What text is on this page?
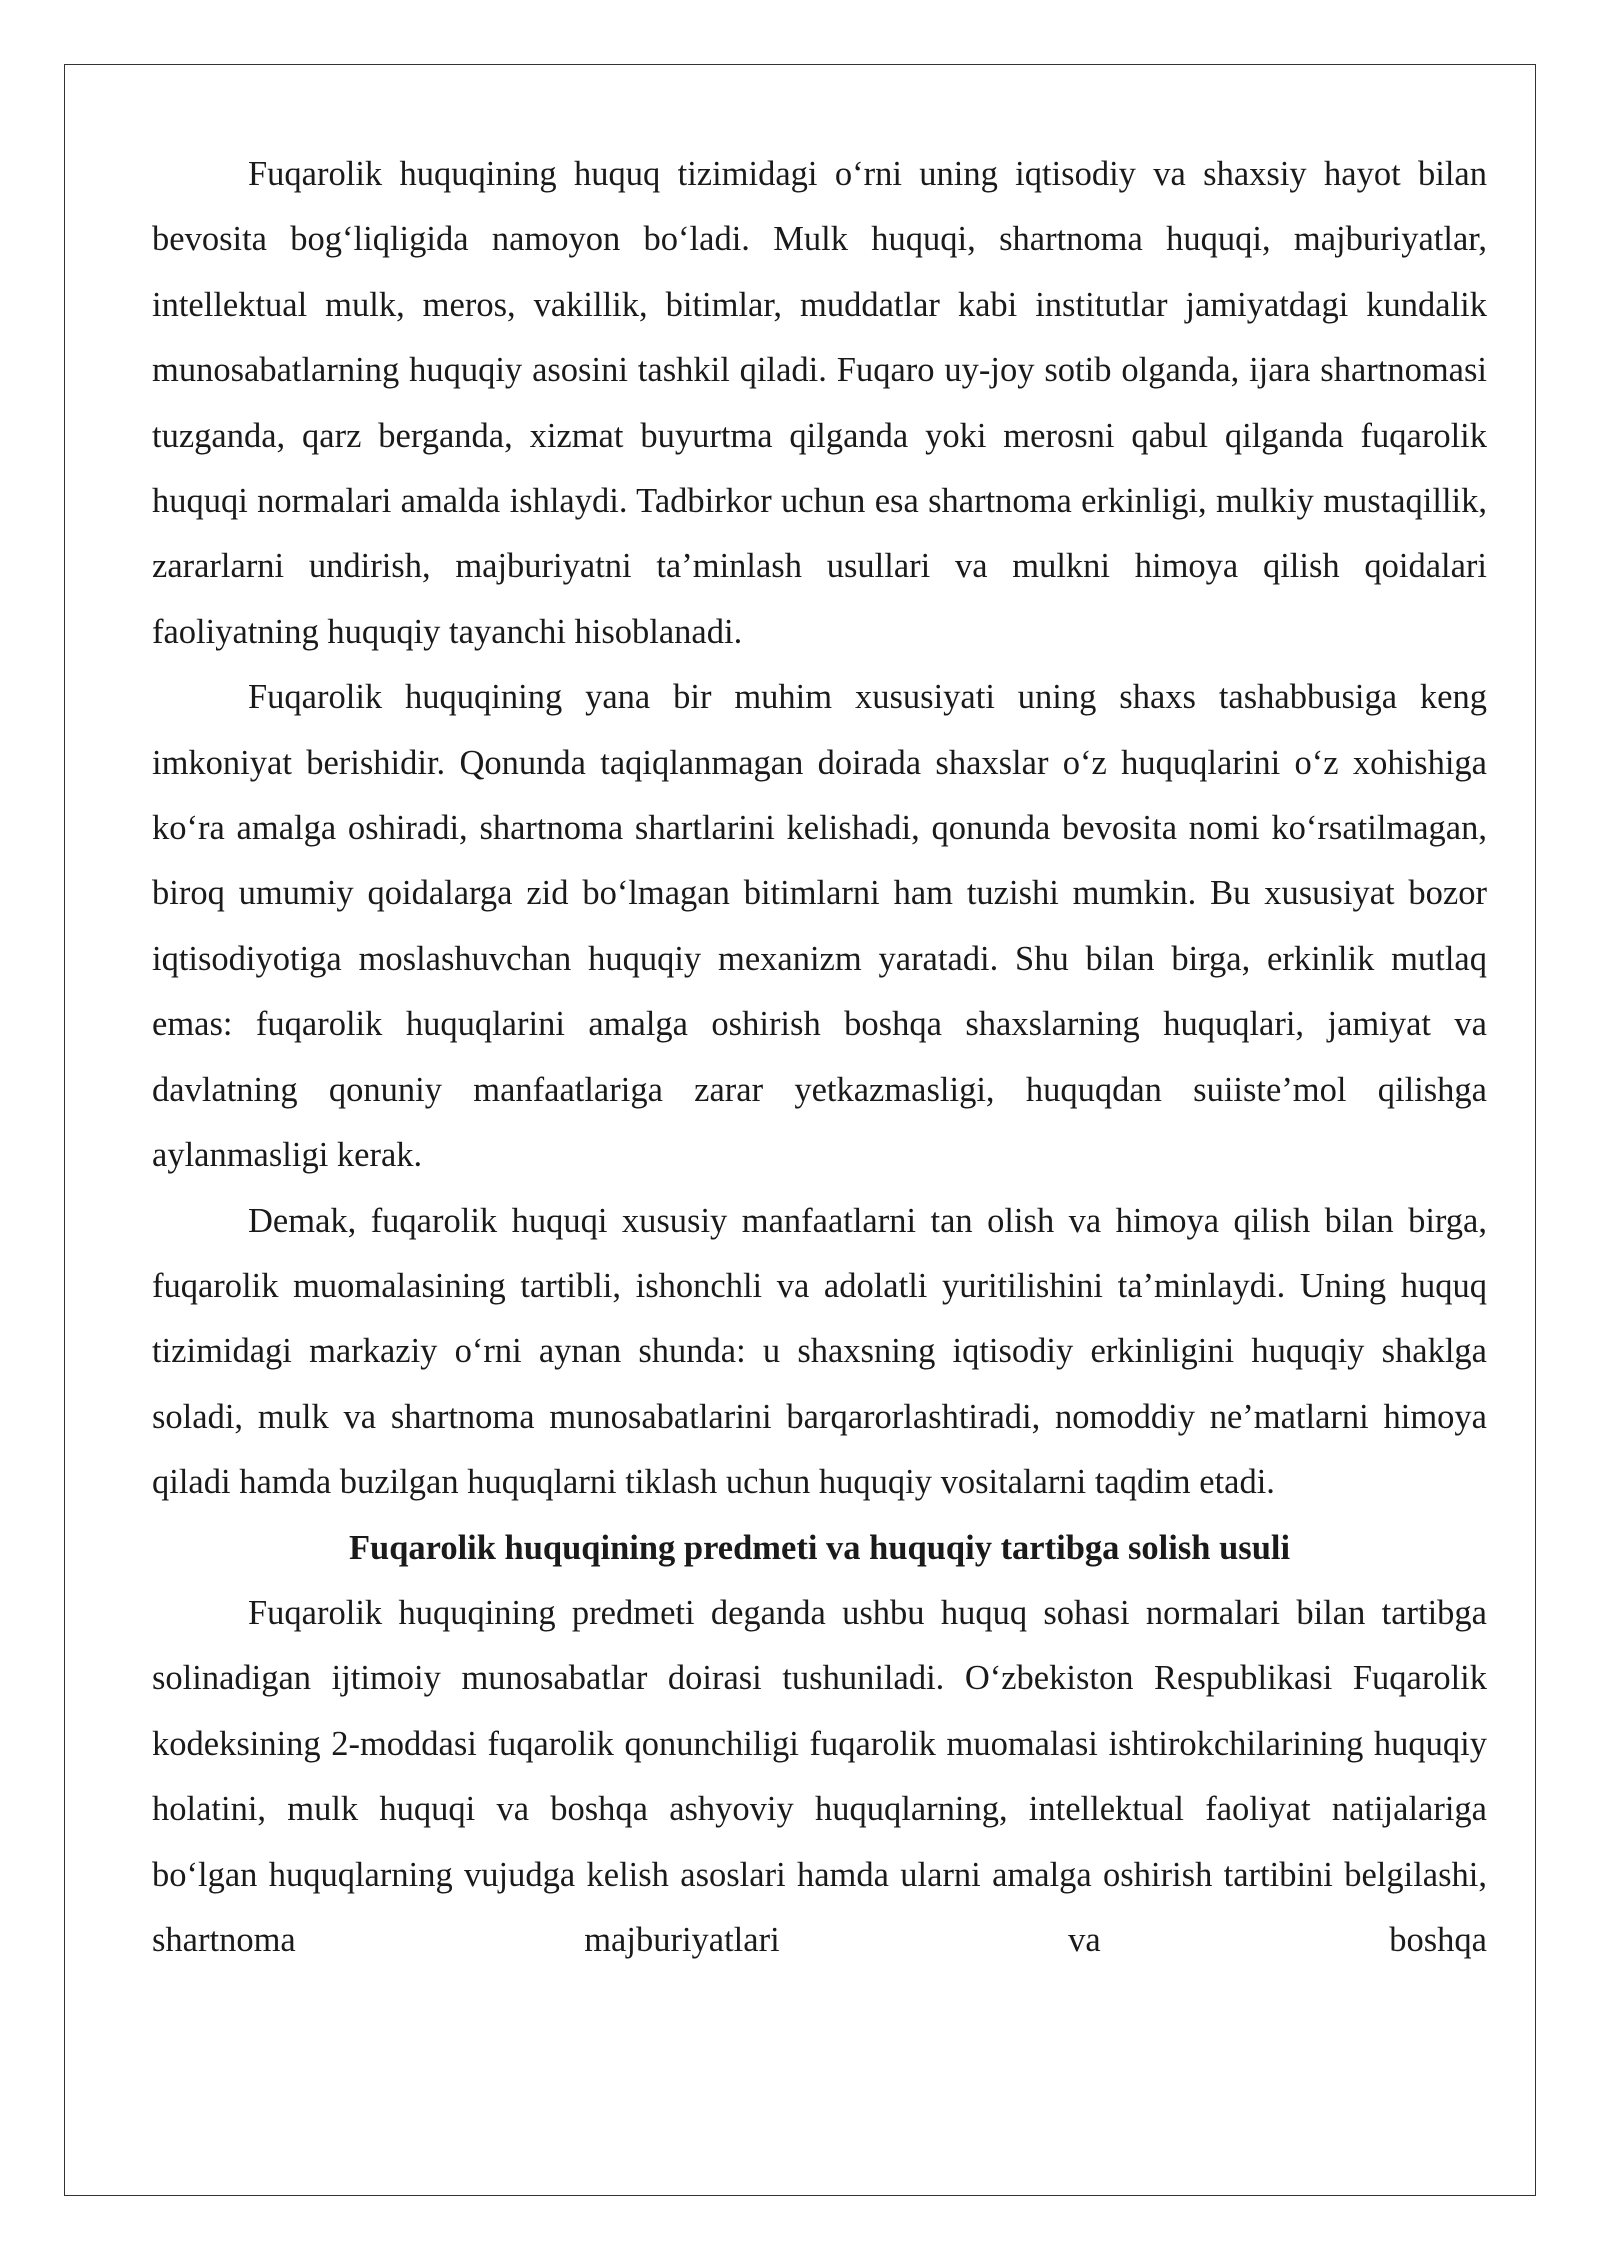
Fuqarolik huquqining huquq tizimidagi o‘rni uning iqtisodiy va shaxsiy hayot bilan bevosita bog‘liqligida namoyon bo‘ladi. Mulk huquqi, shartnoma huquqi, majburiyatlar, intellektual mulk, meros, vakillik, bitimlar, muddatlar kabi institutlar jamiyatdagi kundalik munosabatlarning huquqiy asosini tashkil qiladi. Fuqaro uy-joy sotib olganda, ijara shartnomasi tuzganda, qarz berganda, xizmat buyurtma qilganda yoki merosni qabul qilganda fuqarolik huquqi normalari amalda ishlaydi. Tadbirkor uchun esa shartnoma erkinligi, mulkiy mustaqillik, zararlarni undirish, majburiyatni ta’minlash usullari va mulkni himoya qilish qoidalari faoliyatning huquqiy tayanchi hisoblanadi.

Fuqarolik huquqining yana bir muhim xususiyati uning shaxs tashabbusiga keng imkoniyat berishidir. Qonunda taqiqlanmagan doirada shaxslar o‘z huquqlarini o‘z xohishiga ko‘ra amalga oshiradi, shartnoma shartlarini kelishadi, qonunda bevosita nomi ko‘rsatilmagan, biroq umumiy qoidalarga zid bo‘lmagan bitimlarni ham tuzishi mumkin. Bu xususiyat bozor iqtisodiyotiga moslashuvchan huquqiy mexanizm yaratadi. Shu bilan birga, erkinlik mutlaq emas: fuqarolik huquqlarini amalga oshirish boshqa shaxslarning huquqlari, jamiyat va davlatning qonuniy manfaatlariga zarar yetkazmasligi, huquqdan suiiste’mol qilishga aylanmasligi kerak.

Demak, fuqarolik huquqi xususiy manfaatlarni tan olish va himoya qilish bilan birga, fuqarolik muomalasining tartibli, ishonchli va adolatli yuritilishini ta’minlaydi. Uning huquq tizimidagi markaziy o‘rni aynan shunda: u shaxsning iqtisodiy erkinligini huquqiy shaklga soladi, mulk va shartnoma munosabatlarini barqarorlashtiradi, nomoddiy ne’matlarni himoya qiladi hamda buzilgan huquqlarni tiklash uchun huquqiy vositalarni taqdim etadi.

Fuqarolik huquqining predmeti va huquqiy tartibga solish usuli

Fuqarolik huquqining predmeti deganda ushbu huquq sohasi normalari bilan tartibga solinadigan ijtimoiy munosabatlar doirasi tushuniladi. O‘zbekiston Respublikasi Fuqarolik kodeksining 2-moddasi fuqarolik qonunchiligi fuqarolik muomalasi ishtirokchilarining huquqiy holatini, mulk huquqi va boshqa ashyoviy huquqlarning, intellektual faoliyat natijalariga bo‘lgan huquqlarning vujudga kelish asoslari hamda ularni amalga oshirish tartibini belgilashi, shartnoma majburiyatlari va boshqa
